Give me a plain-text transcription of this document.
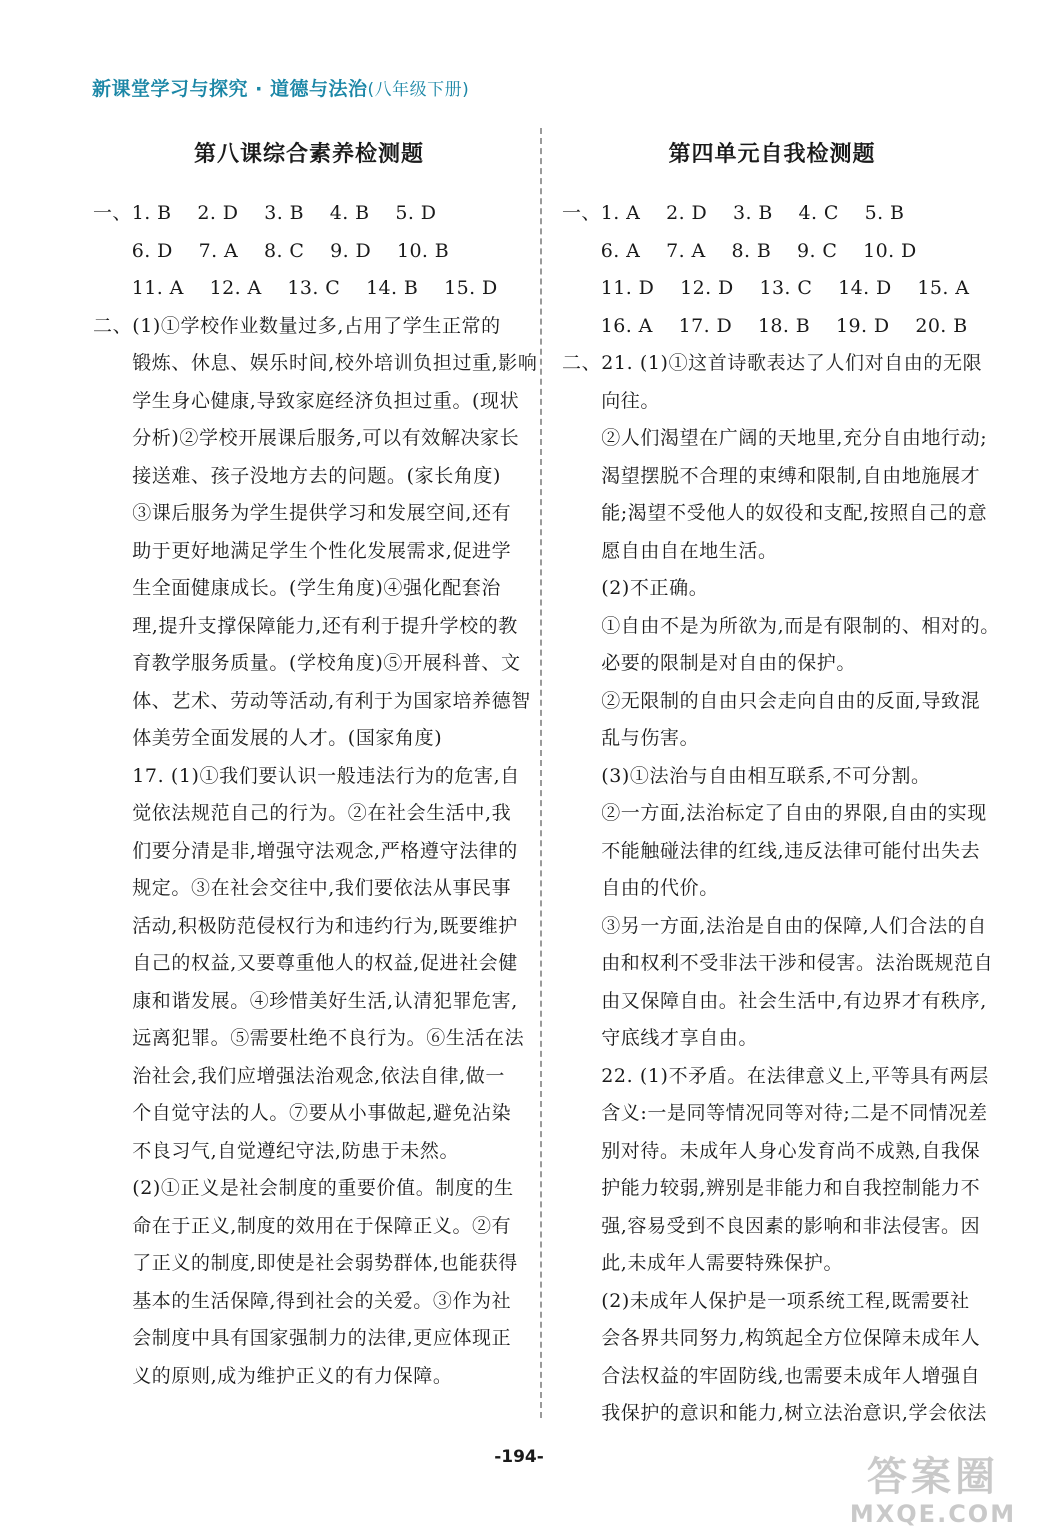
新课堂学习与探究 · 道德与法治(八年级下册)
第八课综合素养检测题

一、1. B  2. D  3. B  4. B  5. D

　　6. D  7. A  8. C  9. D  10. B

　　11. A  12. A  13. C  14. B  15. D

二、(1)①学校作业数量过多,占用了学生正常的

　　锻炼、休息、娱乐时间,校外培训负担过重,影响

　　学生身心健康,导致家庭经济负担过重。(现状

　　分析)②学校开展课后服务,可以有效解决家长

　　接送难、孩子没地方去的问题。(家长角度)

　　③课后服务为学生提供学习和发展空间,还有

　　助于更好地满足学生个性化发展需求,促进学

　　生全面健康成长。(学生角度)④强化配套治

　　理,提升支撑保障能力,还有利于提升学校的教

　　育教学服务质量。(学校角度)⑤开展科普、文

　　体、艺术、劳动等活动,有利于为国家培养德智

　　体美劳全面发展的人才。(国家角度)

　　17. (1)①我们要认识一般违法行为的危害,自

　　觉依法规范自己的行为。②在社会生活中,我

　　们要分清是非,增强守法观念,严格遵守法律的

　　规定。③在社会交往中,我们要依法从事民事

　　活动,积极防范侵权行为和违约行为,既要维护

　　自己的权益,又要尊重他人的权益,促进社会健

　　康和谐发展。④珍惜美好生活,认清犯罪危害,

　　远离犯罪。⑤需要杜绝不良行为。⑥生活在法

　　治社会,我们应增强法治观念,依法自律,做一

　　个自觉守法的人。⑦要从小事做起,避免沾染

　　不良习气,自觉遵纪守法,防患于未然。

　　(2)①正义是社会制度的重要价值。制度的生

　　命在于正义,制度的效用在于保障正义。②有

　　了正义的制度,即使是社会弱势群体,也能获得

　　基本的生活保障,得到社会的关爱。③作为社

　　会制度中具有国家强制力的法律,更应体现正

　　义的原则,成为维护正义的有力保障。

第四单元自我检测题

一、1. A  2. D  3. B  4. C  5. B

　　6. A  7. A  8. B  9. C  10. D

　　11. D  12. D  13. C  14. D  15. A

　　16. A  17. D  18. B  19. D  20. B

二、21. (1)①这首诗歌表达了人们对自由的无限

　　向往。

　　②人们渴望在广阔的天地里,充分自由地行动;

　　渴望摆脱不合理的束缚和限制,自由地施展才

　　能;渴望不受他人的奴役和支配,按照自己的意

　　愿自由自在地生活。

　　(2)不正确。

　　①自由不是为所欲为,而是有限制的、相对的。

　　必要的限制是对自由的保护。

　　②无限制的自由只会走向自由的反面,导致混

　　乱与伤害。

　　(3)①法治与自由相互联系,不可分割。

　　②一方面,法治标定了自由的界限,自由的实现

　　不能触碰法律的红线,违反法律可能付出失去

　　自由的代价。

　　③另一方面,法治是自由的保障,人们合法的自

　　由和权利不受非法干涉和侵害。法治既规范自

　　由又保障自由。社会生活中,有边界才有秩序,

　　守底线才享自由。

　　22. (1)不矛盾。在法律意义上,平等具有两层

　　含义:一是同等情况同等对待;二是不同情况差

　　别对待。未成年人身心发育尚不成熟,自我保

　　护能力较弱,辨别是非能力和自我控制能力不

　　强,容易受到不良因素的影响和非法侵害。因

　　此,未成年人需要特殊保护。

　　(2)未成年人保护是一项系统工程,既需要社

　　会各界共同努力,构筑起全方位保障未成年人

　　合法权益的牢固防线,也需要未成年人增强自

　　我保护的意识和能力,树立法治意识,学会依法

-194-	答案圈
MXQE.COM
